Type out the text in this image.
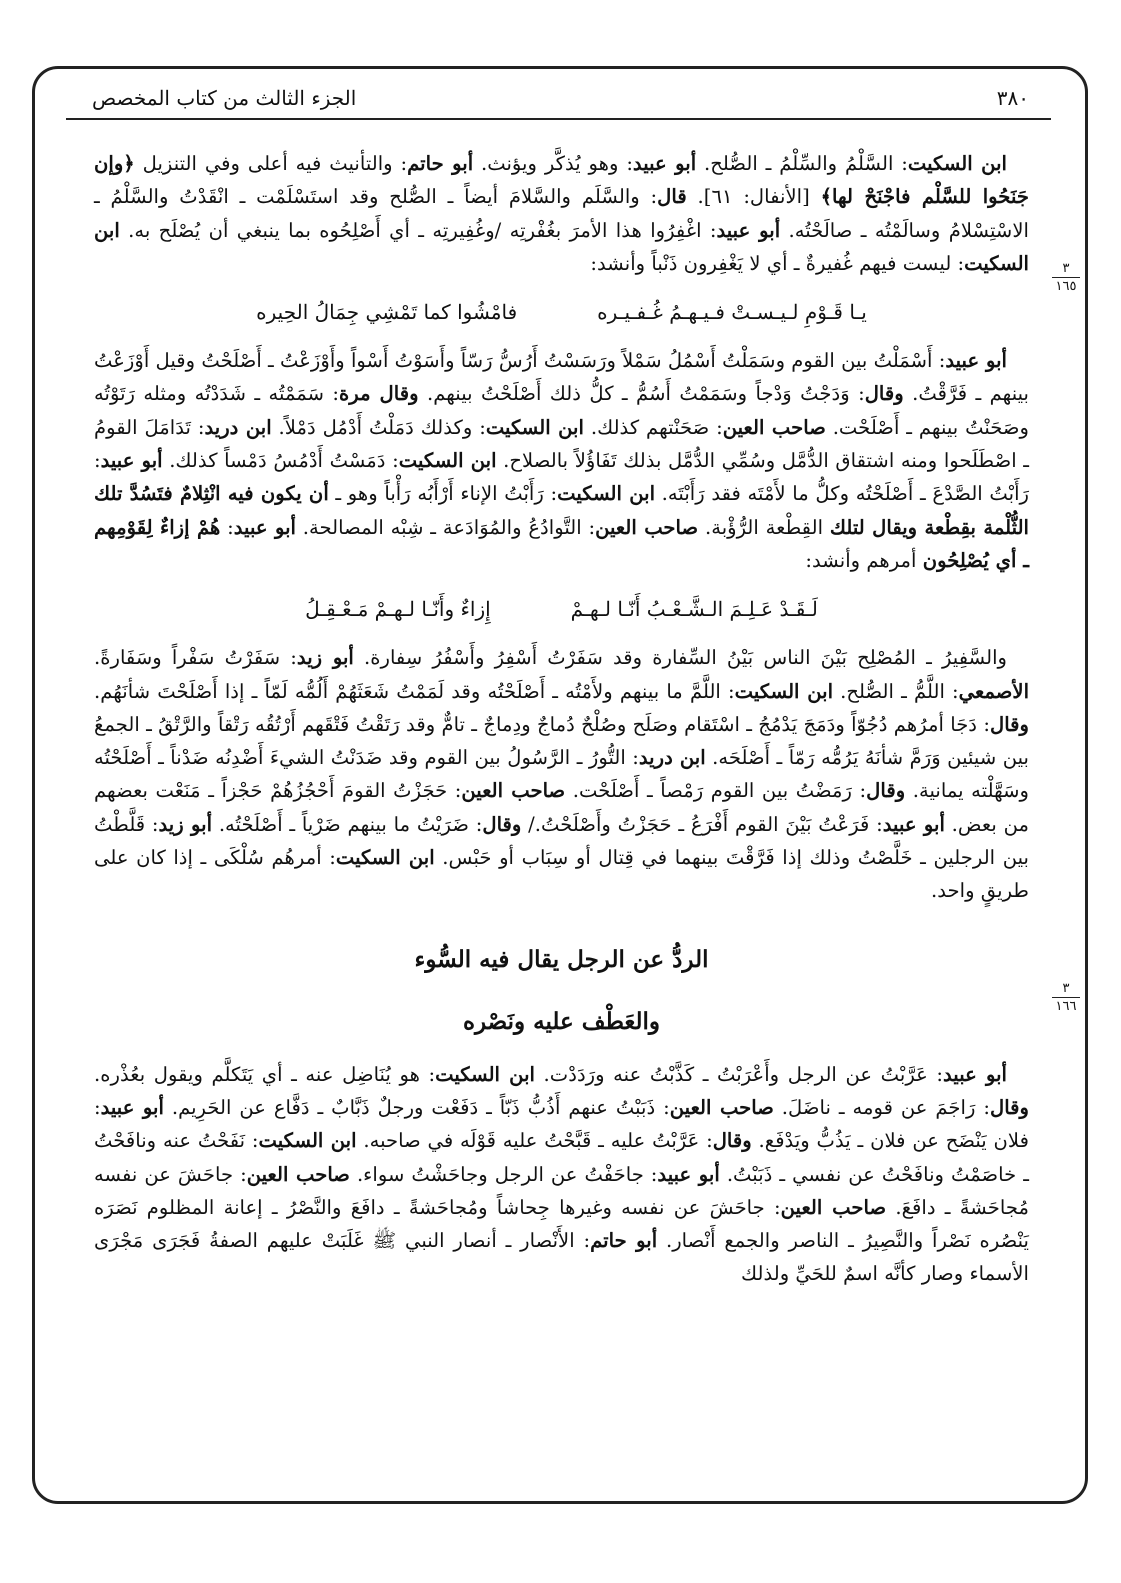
٣٨٠
الجزء الثالث من كتاب المخصص
٣
١٦٥
٣
١٦٦

ابن السكيت: السَّلْمُ والسِّلْمُ ـ الصُّلح. أبو عبيد: وهو يُذكَّر ويؤنث. أبو حاتم: والتأنيث فيه أعلى وفي التنزيل ﴿وإن جَنَحُوا للسَّلْم فاجْنَحْ لها﴾ [الأنفال: ٦١]. قال: والسَّلَم والسَّلامَ أيضاً ـ الصُّلح وقد استَسْلَمْت ـ انْقَدْتُ والسَّلْمُ ـ الاسْتِسْلامُ وسالَمْتُه ـ صالَحْتُه. أبو عبيد: اغْفِرُوا هذا الأمرَ بغُفْرتِه /وغُفِيرتِه ـ أي أَصْلِحُوه بما ينبغي أن يُصْلَح به. ابن السكيت: ليست فيهم غُفيرةٌ ـ أي لا يَغْفِرون ذَنْباً وأنشد:

يـا قَـوْمِ لـيـسـتْ فـيـهـمُ غُـفـيـره
فامْشُوا كما تَمْشِي جِمَالُ الحِيره

أبو عبيد: أَسْمَلْتُ بين القوم وسَمَلْتُ أَسْمُلُ سَمْلاً ورَسَسْتُ أَرُسُّ رَسّاً وأَسَوْتُ أَسْواً وأَوْزَعْتُ ـ أَصْلَحْتُ وقيل أَوْزَعْتُ بينهم ـ فَرَّقْتُ. وقال: وَدَجْتُ وَدْجاً وسَمَمْتُ أَسُمُّ ـ كلُّ ذلك أَصْلَحْتُ بينهم. وقال مرة: سَمَمْتُه ـ شَدَدْتُه ومثله رَتَوْتُه وصَحَنْتُ بينهم ـ أَصْلَحْت. صاحب العين: صَحَنْتهم كذلك. ابن السكيت: وكذلك دَمَلْتُ أَدْمُل دَمْلاً. ابن دريد: تَدَامَلَ القومُ ـ اصْطَلَحوا ومنه اشتقاق الدُّمَّل وسُمِّي الدُّمَّل بذلك تَفَاؤُلاً بالصلاح. ابن السكيت: دَمَسْتُ أَدْمُسُ دَمْساً كذلك. أبو عبيد: رَأَبْتُ الصَّدْعَ ـ أَصْلَحْتُه وكلُّ ما لأَمْتَه فقد رَأَبْتَه. ابن السكيت: رَأَبْتُ الإناء أَرْأَبُه رَأْباً وهو ـ أن يكون فيه انْثِلامٌ فتَسُدَّ تلك الثُّلْمة بقِطْعة ويقال لتلك القِطْعة الرُّؤْبة. صاحب العين: التَّوادُعُ والمُوَادَعة ـ شِبْه المصالحة. أبو عبيد: هُمْ إزاءٌ لِقَوْمِهم ـ أي يُصْلِحُون أمرهم وأنشد:

لَـقَـدْ عَـلِـمَ الـشَّـعْـبُ أَنّـا لـهـمْ
إِزاءٌ وأَنّـا لـهـمْ مَـعْـقِـلُ

والسَّفِيرُ ـ المُصْلِح بَيْنَ الناس بَيْنُ السِّفارة وقد سَفَرْتُ أَسْفِرُ وأَسْفُرُ سِفارة. أبو زيد: سَفَرْتُ سَفْراً وسَفَارةً. الأصمعي: اللَّمُّ ـ الصُّلح. ابن السكيت: اللَّمَّ ما بينهم ولأَمْتُه ـ أَصْلَحْتُه وقد لَمَمْتُ شَعَثَهُمْ أَلُمُّه لَمّاً ـ إذا أَصْلَحْتَ شأنَهُم. وقال: دَجَا أمرُهم دُجُوّاً ودَمَجَ يَدْمُجُ ـ اسْتَقام وصَلَح وصُلْحٌ دُماجٌ ودِماجٌ ـ تامٌّ وقد رَتَقْتُ فَتْقَهم أَرْتُقُه رَتْقاً والرَّتْقُ ـ الجمعُ بين شيئين وَرَمَّ شأنَهُ يَرُمُّه رَمّاً ـ أَصْلَحَه. ابن دريد: التُّورُ ـ الرَّسُولُ بين القوم وقد ضَدَنْتُ الشيءَ أَضْدِنُه ضَدْناً ـ أَصْلَحْتُه وسَهَّلْته يمانية. وقال: رَمَضْتُ بين القوم رَمْصاً ـ أَصْلَحْت. صاحب العين: حَجَزْتُ القومَ أَحْجُزُهُمْ حَجْزاً ـ مَنَعْت بعضهم من بعض. أبو عبيد: فَرَعْتُ بَيْنَ القوم أَفْرَعُ ـ حَجَزْتُ وأَصْلَحْتُ./ وقال: ضَرَيْتُ ما بينهم ضَرْياً ـ أَصْلَحْتُه. أبو زيد: قَلَّطْتُ بين الرجلين ـ خَلَّصْتُ وذلك إذا فَرَّقْتَ بينهما في قِتال أو سِبَاب أو حَبْس. ابن السكيت: أمرهُم سُلْكَى ـ إذا كان على طريقٍ واحد.

الردُّ عن الرجل يقال فيه السُّوء
والعَطْف عليه ونَصْره

أبو عبيد: عَرَّبْتُ عن الرجل وأَعْرَبْتُ ـ كَذَّبْتُ عنه ورَدَدْت. ابن السكيت: هو يُنَاضِل عنه ـ أي يَتَكلَّم ويقول بعُذْره. وقال: رَاجَمَ عن قومه ـ ناضَلَ. صاحب العين: ذَبَبْتُ عنهم أَذُبُّ ذَبّاً ـ دَفَعْت ورجلٌ ذَبَّابٌ ـ دَفَّاع عن الحَرِيم. أبو عبيد: فلان يَنْضَح عن فلان ـ يَذُبُّ ويَدْفَع. وقال: عَرَّبْتُ عليه ـ قَبَّحْتُ عليه قَوْلَه في صاحبه. ابن السكيت: نَفَحْتُ عنه ونافَحْتُ ـ خاصَمْتُ ونافَحْتُ عن نفسي ـ ذَبَبْتُ. أبو عبيد: جاحَفْتُ عن الرجل وجاحَشْتُ سواء. صاحب العين: جاحَشَ عن نفسه مُجاحَشةً ـ دافَعَ. صاحب العين: جاحَشَ عن نفسه وغيرها جِحاشاً ومُجاحَشةً ـ دافَعَ والنَّصْرُ ـ إعانة المظلوم نَصَرَه يَنْصُره نَصْراً والنَّصِيرُ ـ الناصر والجمع أَنْصار. أبو حاتم: الأَنْصار ـ أنصار النبي ﷺ غَلَبَتْ عليهم الصفةُ فَجَرَى مَجْرَى الأسماء وصار كأنَّه اسمٌ للحَيِّ ولذلك
